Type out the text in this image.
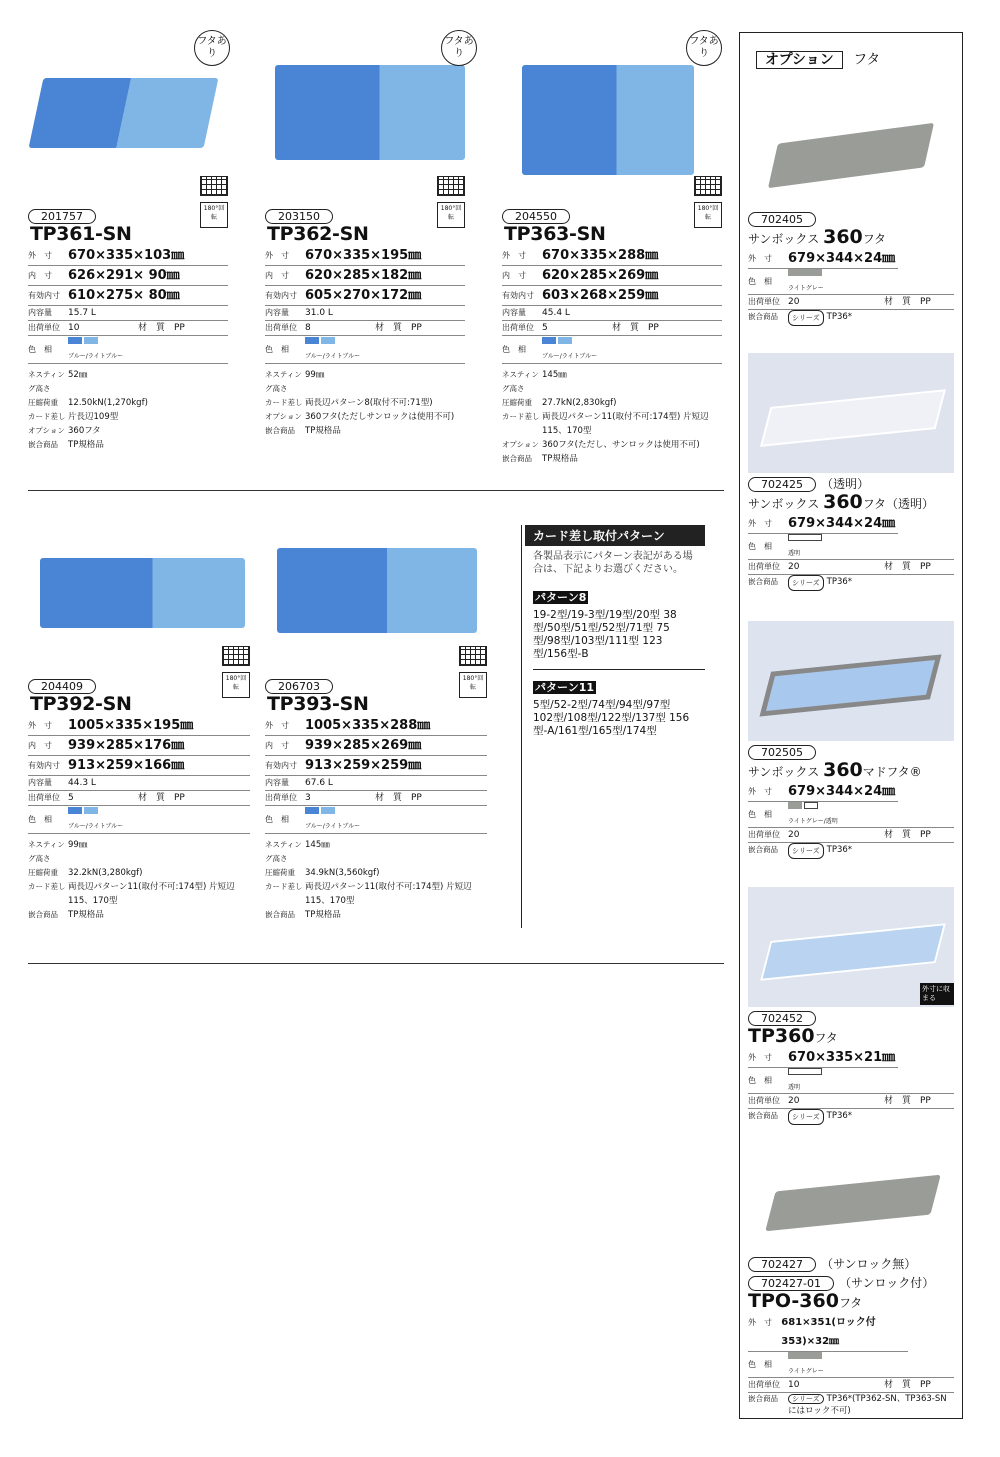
フタあり
180°回転
201757
TP361-SN
外　寸	670×335×103㎜
内　寸	626×291× 90㎜
有効内寸 610×275× 80㎜
内容量	15.7 L
出荷単位 10	材　質 PP
色　相

ブルー/ライトブルー
ネスティング高さ
52㎜
圧縮荷重	12.50kN(1,270kgf)
カード差し 片長辺109型
オプション 360フタ
嵌合商品	TP規格品
フタあり
180°回転
203150
TP362-SN
外　寸	670×335×195㎜
内　寸	620×285×182㎜
有効内寸 605×270×172㎜
内容量	31.0 L
出荷単位 8	材　質 PP
色　相

ブルー/ライトブルー
ネスティング高さ
99㎜
カード差し 両長辺パターン8(取付不可:71型)
オプション 360フタ(ただしサンロックは使用不可)
嵌合商品	TP規格品
フタあり
180°回転
204550
TP363-SN
外　寸	670×335×288㎜
内　寸	620×285×269㎜
有効内寸 603×268×259㎜
内容量	45.4 L
出荷単位 5	材　質 PP
色　相

ブルー/ライトブルー
ネスティング高さ
145㎜
圧縮荷重	27.7kN(2,830kgf)
カード差し 両長辺パターン11(取付不可:174型) 片短辺115、170型
オプション 360フタ(ただし、サンロックは使用不可)
嵌合商品	TP規格品
180°回転
204409
TP392-SN
外　寸	1005×335×195㎜
内　寸	939×285×176㎜
有効内寸 913×259×166㎜
内容量	44.3 L
出荷単位 5	材　質 PP
色　相

ブルー/ライトブルー
ネスティング高さ
99㎜
圧縮荷重	32.2kN(3,280kgf)
カード差し 両長辺パターン11(取付不可:174型) 片短辺115、170型
嵌合商品	TP規格品
180°回転
206703
TP393-SN
外　寸	1005×335×288㎜
内　寸	939×285×269㎜
有効内寸 913×259×259㎜
内容量	67.6 L
出荷単位 3	材　質 PP
色　相

ブルー/ライトブルー
ネスティング高さ
145㎜
圧縮荷重	34.9kN(3,560kgf)
カード差し 両長辺パターン11(取付不可:174型) 片短辺115、170型
嵌合商品	TP規格品
カード差し取付パターン
各製品表示にパターン表記がある場合は、下記よりお選びください。
パターン8
19-2型/19-3型/19型/20型 38型/50型/51型/52型/71型 75型/98型/103型/111型 123型/156型-B
パターン11
5型/52-2型/74型/94型/97型 102型/108型/122型/137型 156型-A/161型/165型/174型
オプション フタ
702405
サンボックス 360フタ
外　寸	679×344×24㎜
色　相

ライトグレー
出荷単位 20	材　質 PP
嵌合商品	シリーズ TP36*
702425 （透明）
サンボックス 360フタ（透明）
外　寸	679×344×24㎜
色　相

透明
出荷単位 20	材　質 PP
嵌合商品	シリーズ TP36*
702505
サンボックス 360マドフタ®
外　寸	679×344×24㎜
色　相

ライトグレー/透明
出荷単位 20	材　質 PP
嵌合商品	シリーズ TP36*
外寸に収まる
702452
TP360フタ
外　寸	670×335×21㎜
色　相

透明
出荷単位 20	材　質 PP
嵌合商品	シリーズ TP36*
702427 （サンロック無）
702427-01 （サンロック付）
TPO-360フタ
外　寸 681×351(ロック付353)×32㎜
色　相

ライトグレー
出荷単位 10	材　質 PP
嵌合商品	シリーズ TP36*(TP362-SN、TP363-SNにはロック不可)
